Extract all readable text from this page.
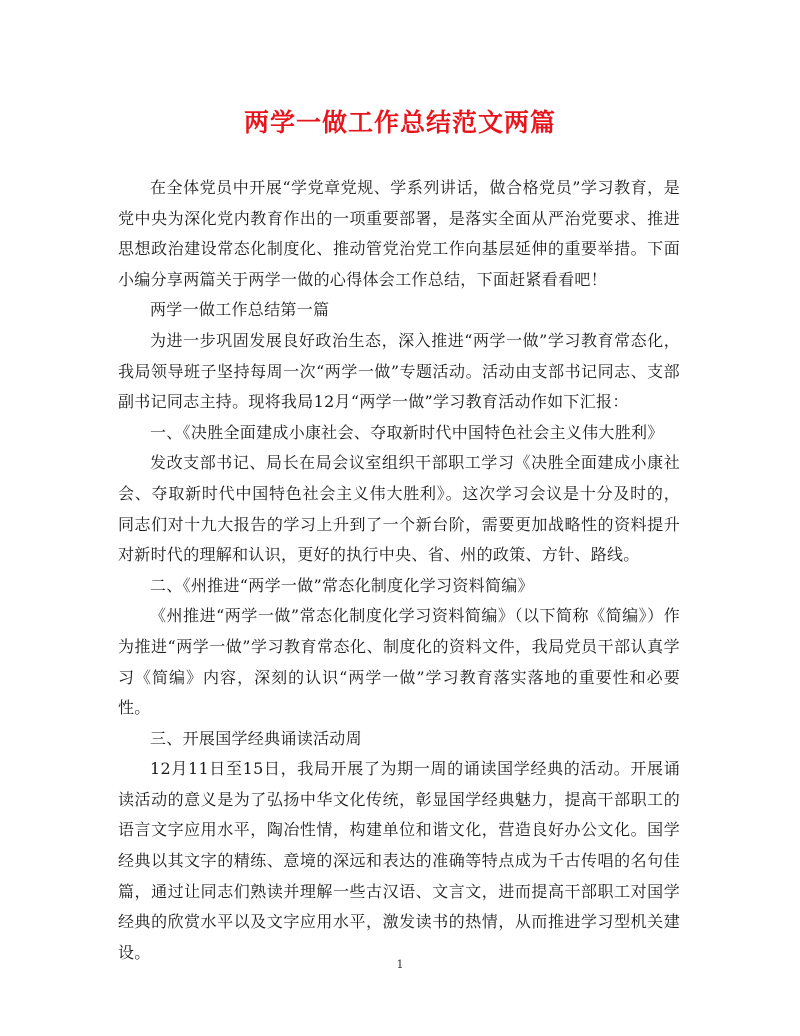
两学一做工作总结范文两篇

在全体党员中开展“学党章党规、学系列讲话，做合格党员”学习教育，是党中央为深化党内教育作出的一项重要部署，是落实全面从严治党要求、推进思想政治建设常态化制度化、推动管党治党工作向基层延伸的重要举措。下面小编分享两篇关于两学一做的心得体会工作总结，下面赶紧看看吧！

两学一做工作总结第一篇

为进一步巩固发展良好政治生态，深入推进“两学一做”学习教育常态化，我局领导班子坚持每周一次“两学一做”专题活动。活动由支部书记同志、支部副书记同志主持。现将我局12月“两学一做”学习教育活动作如下汇报：

一、《决胜全面建成小康社会、夺取新时代中国特色社会主义伟大胜利》

发改支部书记、局长在局会议室组织干部职工学习《决胜全面建成小康社会、夺取新时代中国特色社会主义伟大胜利》。这次学习会议是十分及时的，同志们对十九大报告的学习上升到了一个新台阶，需要更加战略性的资料提升对新时代的理解和认识，更好的执行中央、省、州的政策、方针、路线。

二、《州推进“两学一做”常态化制度化学习资料简编》

《州推进“两学一做”常态化制度化学习资料简编》（以下简称《简编》）作为推进“两学一做”学习教育常态化、制度化的资料文件，我局党员干部认真学习《简编》内容，深刻的认识“两学一做”学习教育落实落地的重要性和必要性。

三、开展国学经典诵读活动周

12月11日至15日，我局开展了为期一周的诵读国学经典的活动。开展诵读活动的意义是为了弘扬中华文化传统，彰显国学经典魅力，提高干部职工的语言文字应用水平，陶冶性情，构建单位和谐文化，营造良好办公文化。国学经典以其文字的精练、意境的深远和表达的准确等特点成为千古传唱的名句佳篇，通过让同志们熟读并理解一些古汉语、文言文，进而提高干部职工对国学经典的欣赏水平以及文字应用水平，激发读书的热情，从而推进学习型机关建设。

1
